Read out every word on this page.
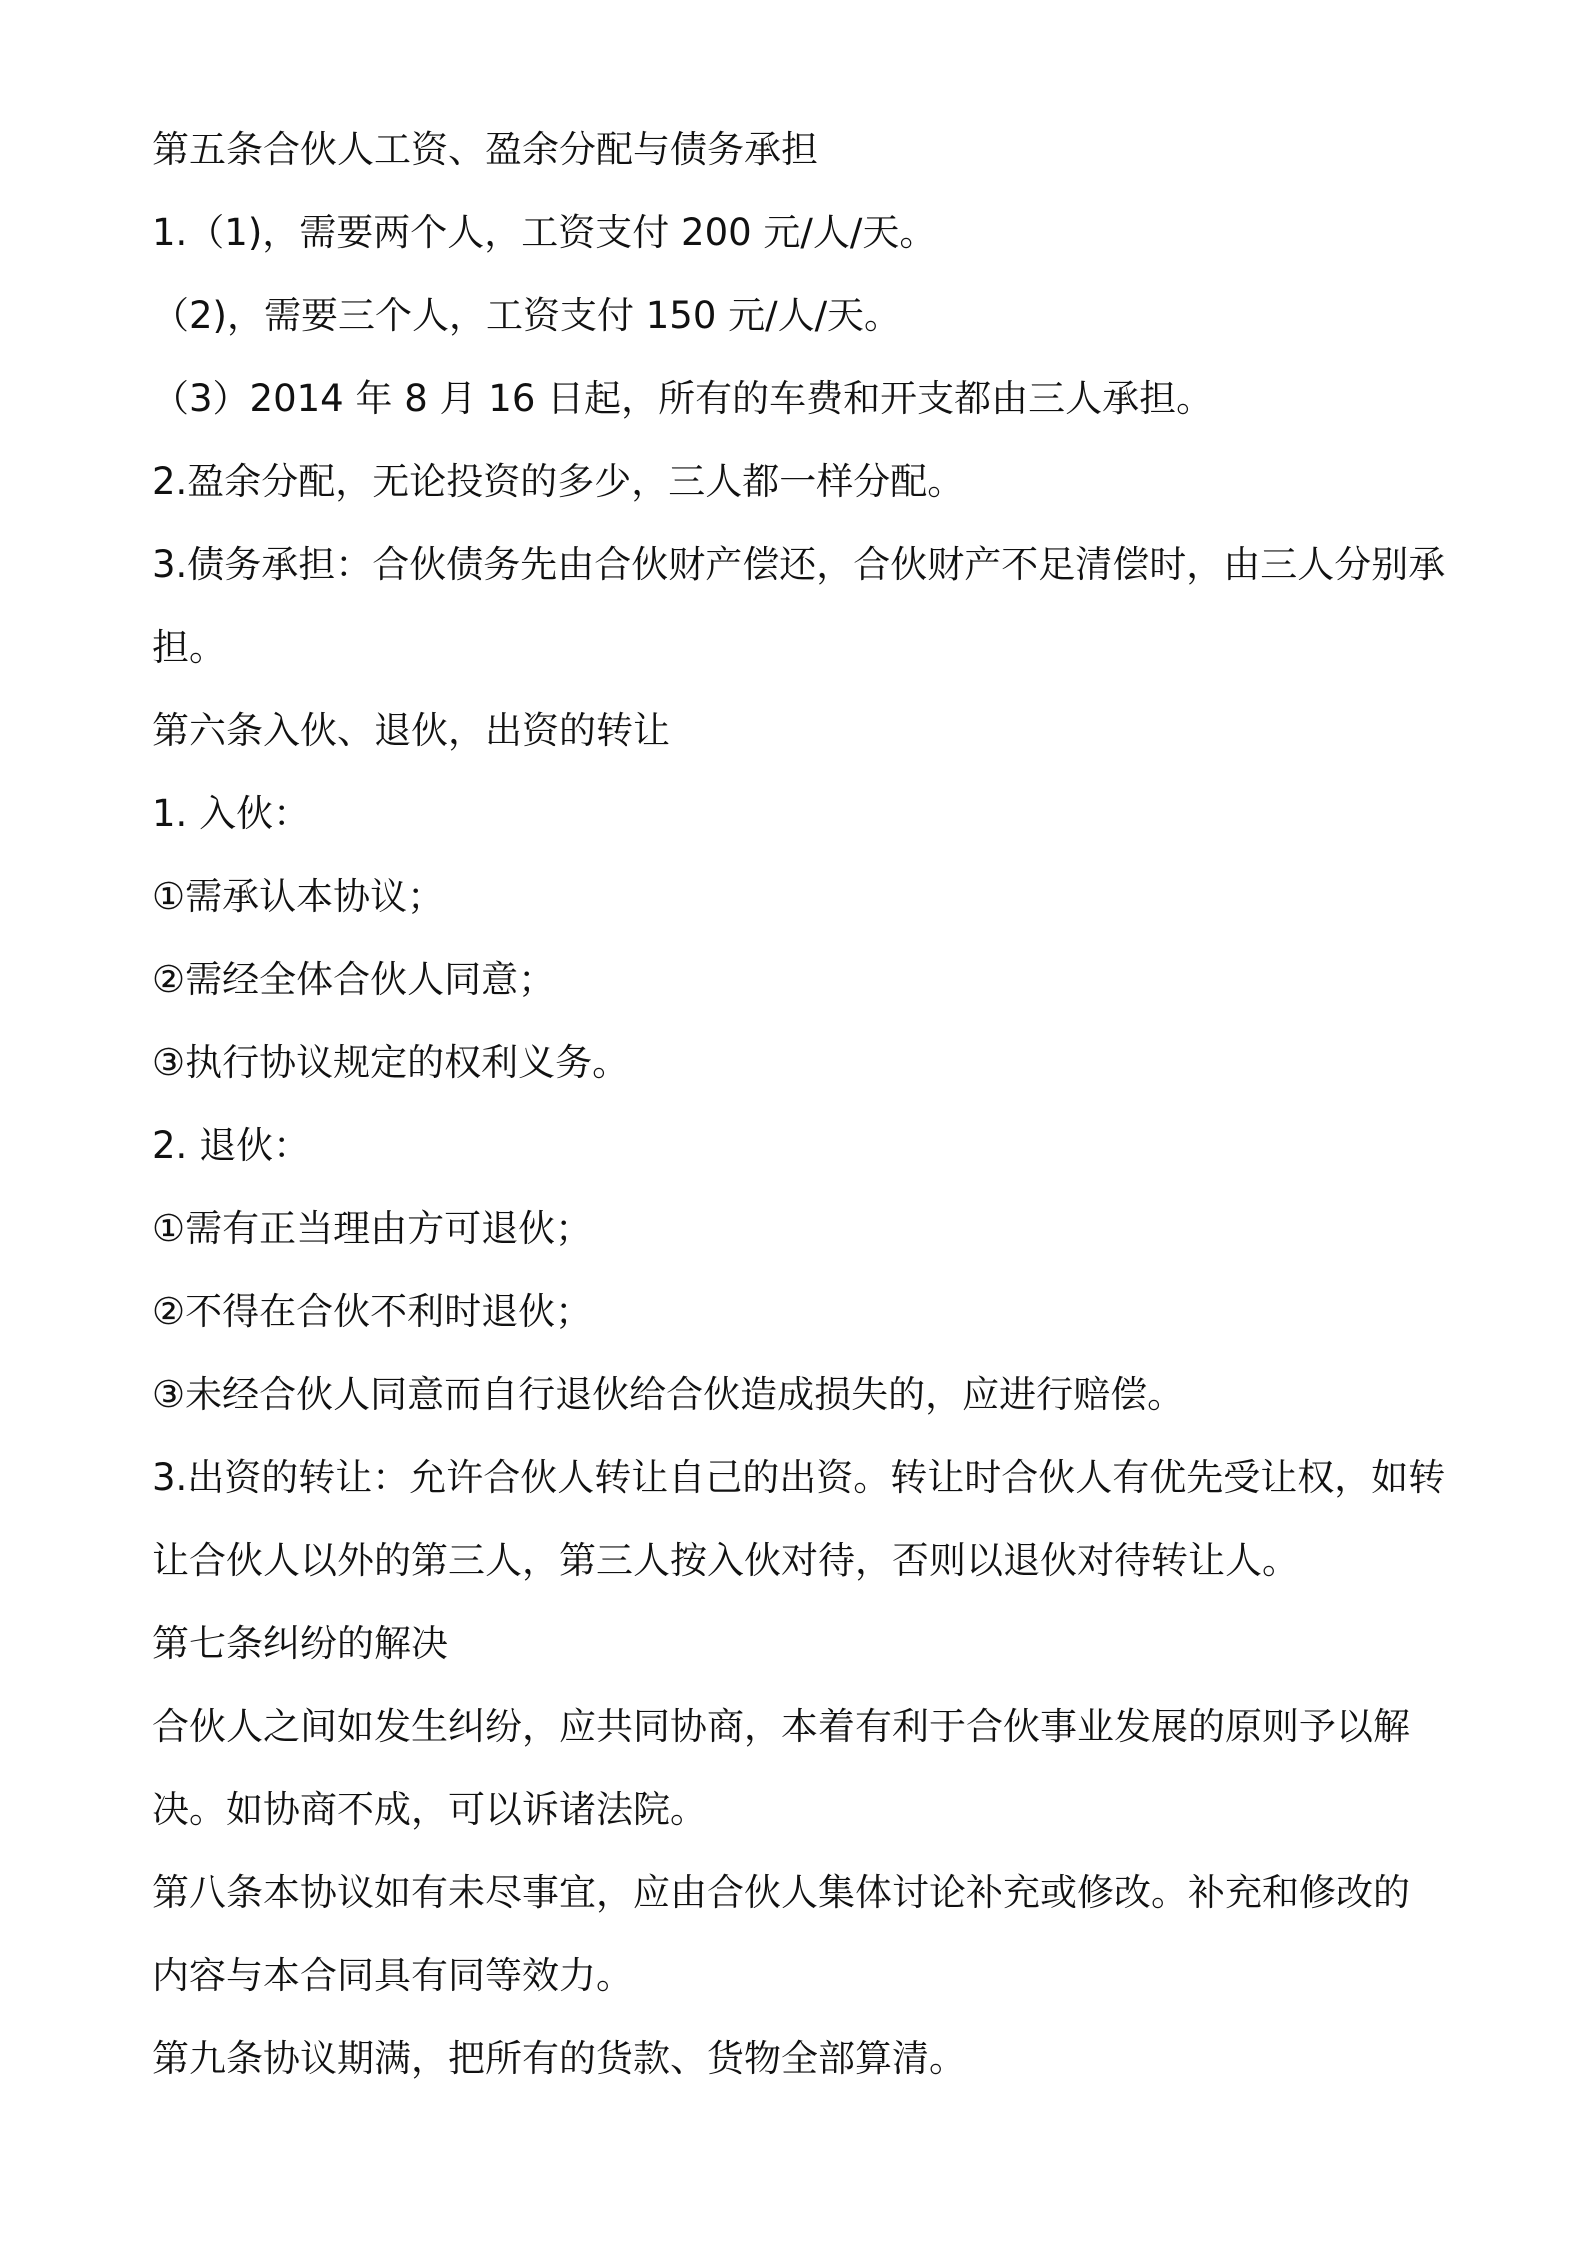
第五条合伙人工资、盈余分配与债务承担
1.（1)，需要两个人，工资支付 200 元/人/天。
（2)，需要三个人，工资支付 150 元/人/天。
（3）2014 年 8 月 16 日起，所有的车费和开支都由三人承担。
2.盈余分配，无论投资的多少，三人都一样分配。
3.债务承担：合伙债务先由合伙财产偿还，合伙财产不足清偿时，由三人分别承
担。
第六条入伙、退伙，出资的转让
1. 入伙：
①需承认本协议；
②需经全体合伙人同意；
③执行协议规定的权利义务。
2. 退伙：
①需有正当理由方可退伙；
②不得在合伙不利时退伙；
③未经合伙人同意而自行退伙给合伙造成损失的，应进行赔偿。
3.出资的转让：允许合伙人转让自己的出资。转让时合伙人有优先受让权，如转
让合伙人以外的第三人，第三人按入伙对待，否则以退伙对待转让人。
第七条纠纷的解决
合伙人之间如发生纠纷，应共同协商，本着有利于合伙事业发展的原则予以解
决。如协商不成，可以诉诸法院。
第八条本协议如有未尽事宜，应由合伙人集体讨论补充或修改。补充和修改的
内容与本合同具有同等效力。
第九条协议期满，把所有的货款、货物全部算清。
